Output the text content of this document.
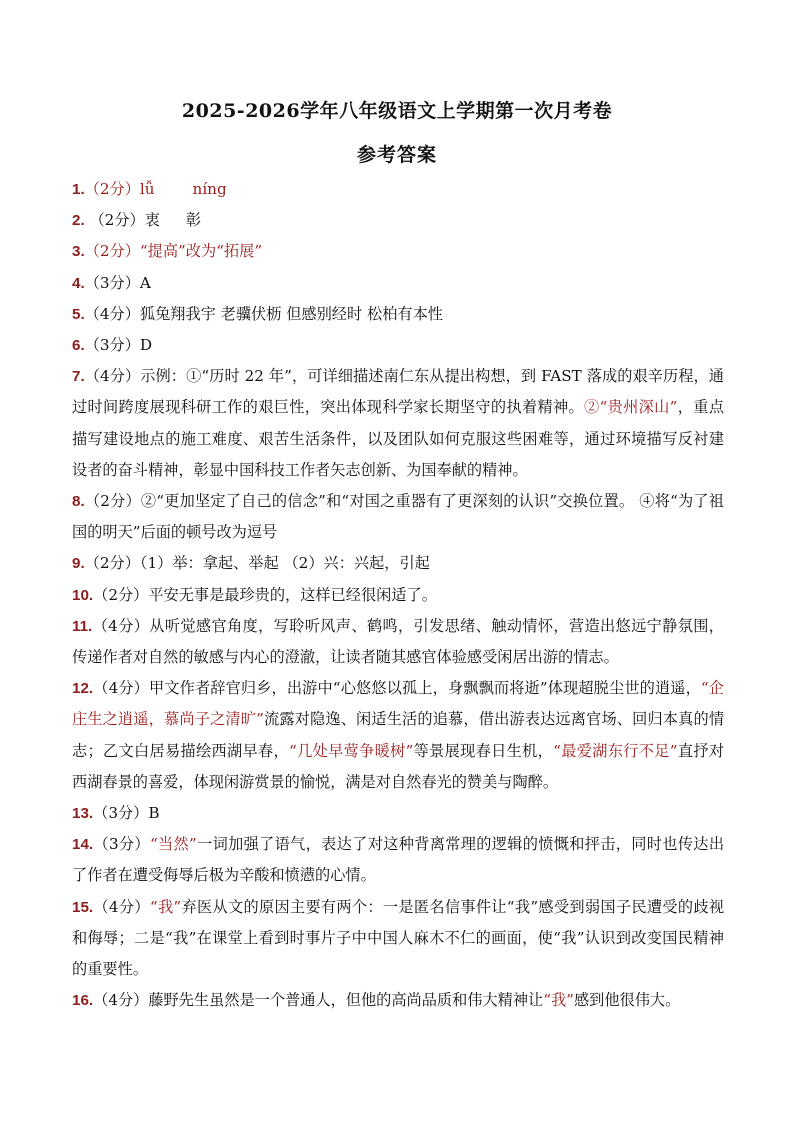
2025-2026学年八年级语文上学期第一次月考卷
参考答案
1.（2分）lǚ	níng
2. （2分）衷 彰
3.（2分）“提高”改为“拓展”
4.（3分）A
5.（4分）狐兔翔我宇 老骥伏枥 但感别经时 松柏有本性
6.（3分）D
7.（4分）示例：①“历时 22 年”，可详细描述南仁东从提出构想，到 FAST 落成的艰辛历程，通过时间跨度展现科研工作的艰巨性，突出体现科学家长期坚守的执着精神。②“贵州深山”，重点描写建设地点的施工难度、艰苦生活条件，以及团队如何克服这些困难等，通过环境描写反衬建设者的奋斗精神，彰显中国科技工作者矢志创新、为国奉献的精神。
8.（2分）②“更加坚定了自己的信念”和“对国之重器有了更深刻的认识”交换位置。 ④将“为了祖国的明天”后面的顿号改为逗号
9.（2分）（1）举：拿起、举起 （2）兴：兴起，引起
10.（2分）平安无事是最珍贵的，这样已经很闲适了。
11.（4分）从听觉感官角度，写聆听风声、鹤鸣，引发思绪、触动情怀，营造出悠远宁静氛围，传递作者对自然的敏感与内心的澄澈，让读者随其感官体验感受闲居出游的情志。
12.（4分）甲文作者辞官归乡，出游中“心悠悠以孤上，身飘飘而将逝”体现超脱尘世的逍遥，“企庄生之逍遥，慕尚子之清旷”流露对隐逸、闲适生活的追慕，借出游表达远离官场、回归本真的情志；乙文白居易描绘西湖早春，“几处早莺争暖树”等景展现春日生机，“最爱湖东行不足”直抒对西湖春景的喜爱，体现闲游赏景的愉悦，满是对自然春光的赞美与陶醉。
13.（3分）B
14.（3分）“当然”一词加强了语气，表达了对这种背离常理的逻辑的愤慨和抨击，同时也传达出了作者在遭受侮辱后极为辛酸和愤懑的心情。
15.（4分）“我”弃医从文的原因主要有两个：一是匿名信事件让“我”感受到弱国子民遭受的歧视和侮辱；二是“我”在课堂上看到时事片子中中国人麻木不仁的画面，使“我”认识到改变国民精神的重要性。
16.（4分）藤野先生虽然是一个普通人，但他的高尚品质和伟大精神让“我”感到他很伟大。
